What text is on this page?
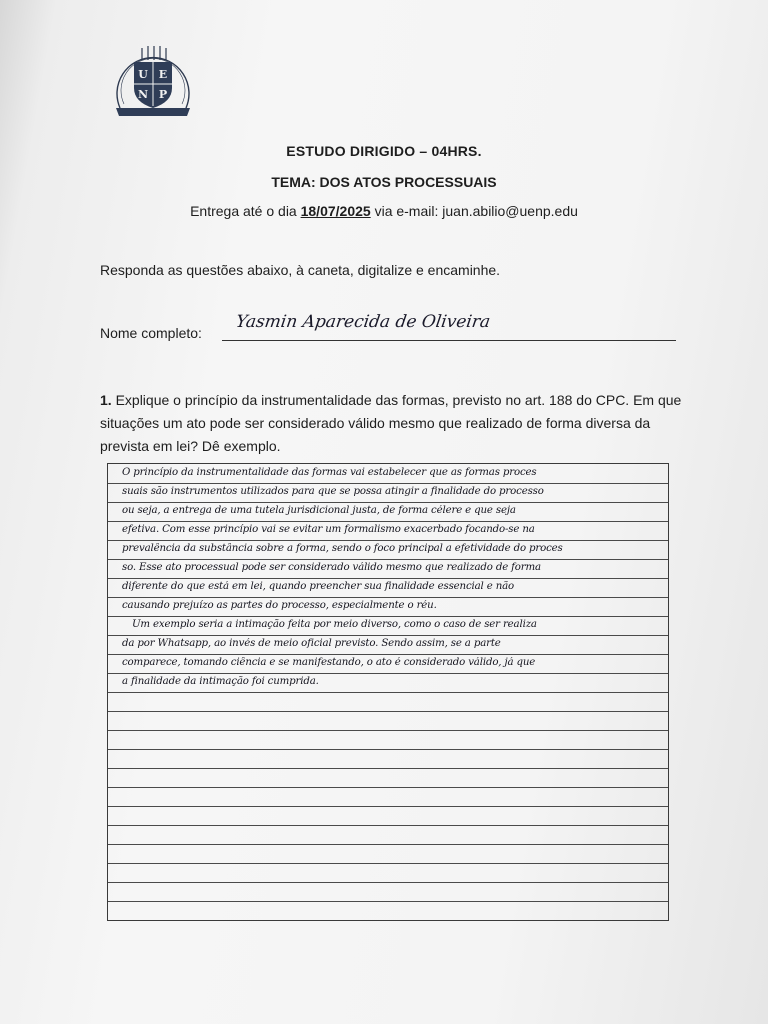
U E
N P
ESTUDO DIRIGIDO – 04HRS.
TEMA: DOS ATOS PROCESSUAIS
Entrega até o dia 18/07/2025 via e-mail: juan.abilio@uenp.edu
Responda as questões abaixo, à caneta, digitalize e encaminhe.
Nome completo:
Yasmin Aparecida de Oliveira
1. Explique o princípio da instrumentalidade das formas, previsto no art. 188 do CPC. Em que situações um ato pode ser considerado válido mesmo que realizado de forma diversa da prevista em lei? Dê exemplo.
O princípio da instrumentalidade das formas vai estabelecer que as formas proces
suais são instrumentos utilizados para que se possa atingir a finalidade do processo
ou seja, a entrega de uma tutela jurisdicional justa, de forma célere e que seja
efetiva. Com esse princípio vai se evitar um formalismo exacerbado focando-se na
prevalência da substância sobre a forma, sendo o foco principal a efetividade do proces
so. Esse ato processual pode ser considerado válido mesmo que realizado de forma
diferente do que está em lei, quando preencher sua finalidade essencial e não
causando prejuízo as partes do processo, especialmente o réu.
Um exemplo seria a intimação feita por meio diverso, como o caso de ser realiza
da por Whatsapp, ao invés de meio oficial previsto. Sendo assim, se a parte
comparece, tomando ciência e se manifestando, o ato é considerado válido, já que
a finalidade da intimação foi cumprida.
